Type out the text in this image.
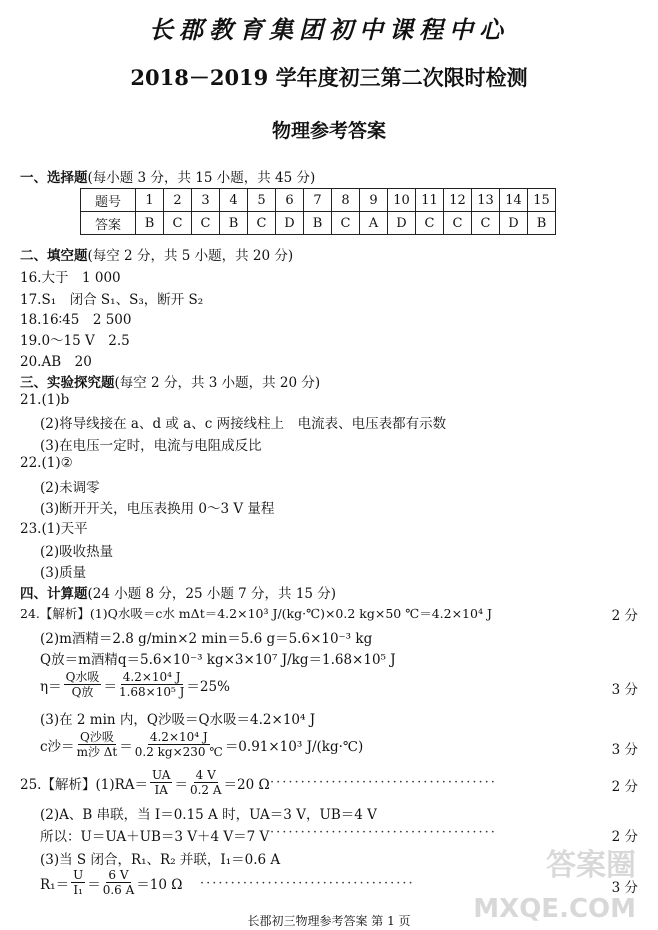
长郡教育集团初中课程中心
2018－2019 学年度初三第二次限时检测
物理参考答案
一、选择题(每小题 3 分，共 15 小题，共 45 分)
题号	1	2	3	4	5	6	7	8	9	10	11	12	13	14	15
答案	B	C	C	B	C	D	B	C	A	D	C	C	C	D	B
二、填空题(每空 2 分，共 5 小题，共 20 分)
16.大于　1 000
17.S₁　闭合 S₁、S₃，断开 S₂
18.16∶45　2 500
19.0～15 V　2.5
20.AB　20
三、实验探究题(每空 2 分，共 3 小题，共 20 分)
21.(1)b
(2)将导线接在 a、d 或 a、c 两接线柱上　电流表、电压表都有示数
(3)在电压一定时，电流与电阻成反比
22.(1)②
(2)未调零
(3)断开开关，电压表换用 0～3 V 量程
23.(1)天平
(2)吸收热量
(3)质量
四、计算题(24 小题 8 分，25 小题 7 分，共 15 分)
24.【解析】(1)Q水吸＝c水 mΔt＝4.2×10³ J/(kg·℃)×0.2 kg×50 ℃＝4.2×10⁴ J	2 分
(2)m酒精＝2.8 g/min×2 min＝5.6 g＝5.6×10⁻³ kg
Q放＝m酒精q＝5.6×10⁻³ kg×3×10⁷ J/kg＝1.68×10⁵ J
$\eta= \frac{\text{Q水吸}}{\text{Q放}} = \frac{\text{4.2×10⁴ J}}{\text{1.68×10⁵ J}} =25\%$	3 分
(3)在 2 min 内，Q沙吸＝Q水吸＝4.2×10⁴ J
c沙＝ $\frac{\text{Q沙吸}}{\text{m沙 Δt}} = \frac{\text{4.2×10⁴ J}}{0.2 kg\times 230 ℃} =0.91\times 10^3$ J/(kg·℃)	3 分
25.【解析】$(1)RA= \frac{UA}{IA} = \frac{4 V}{0.2 A} =20$ Ω ·····································	2 分
(2)A、B 串联，当 I＝0.15 A 时，UA＝3 V，UB＝4 V
所以：U＝UA＋UB＝3 V＋4 V＝7 V ·····································	2 分
(3)当 S 闭合，R₁、R₂ 并联，I₁＝0.6 A
$R_1= \frac{U}{\text{I₁}} = \frac{6 V}{0.6 A} =10$ Ω ···································	3 分
长郡初三物理参考答案 第 1 页
答案圈
MXQE.COM
